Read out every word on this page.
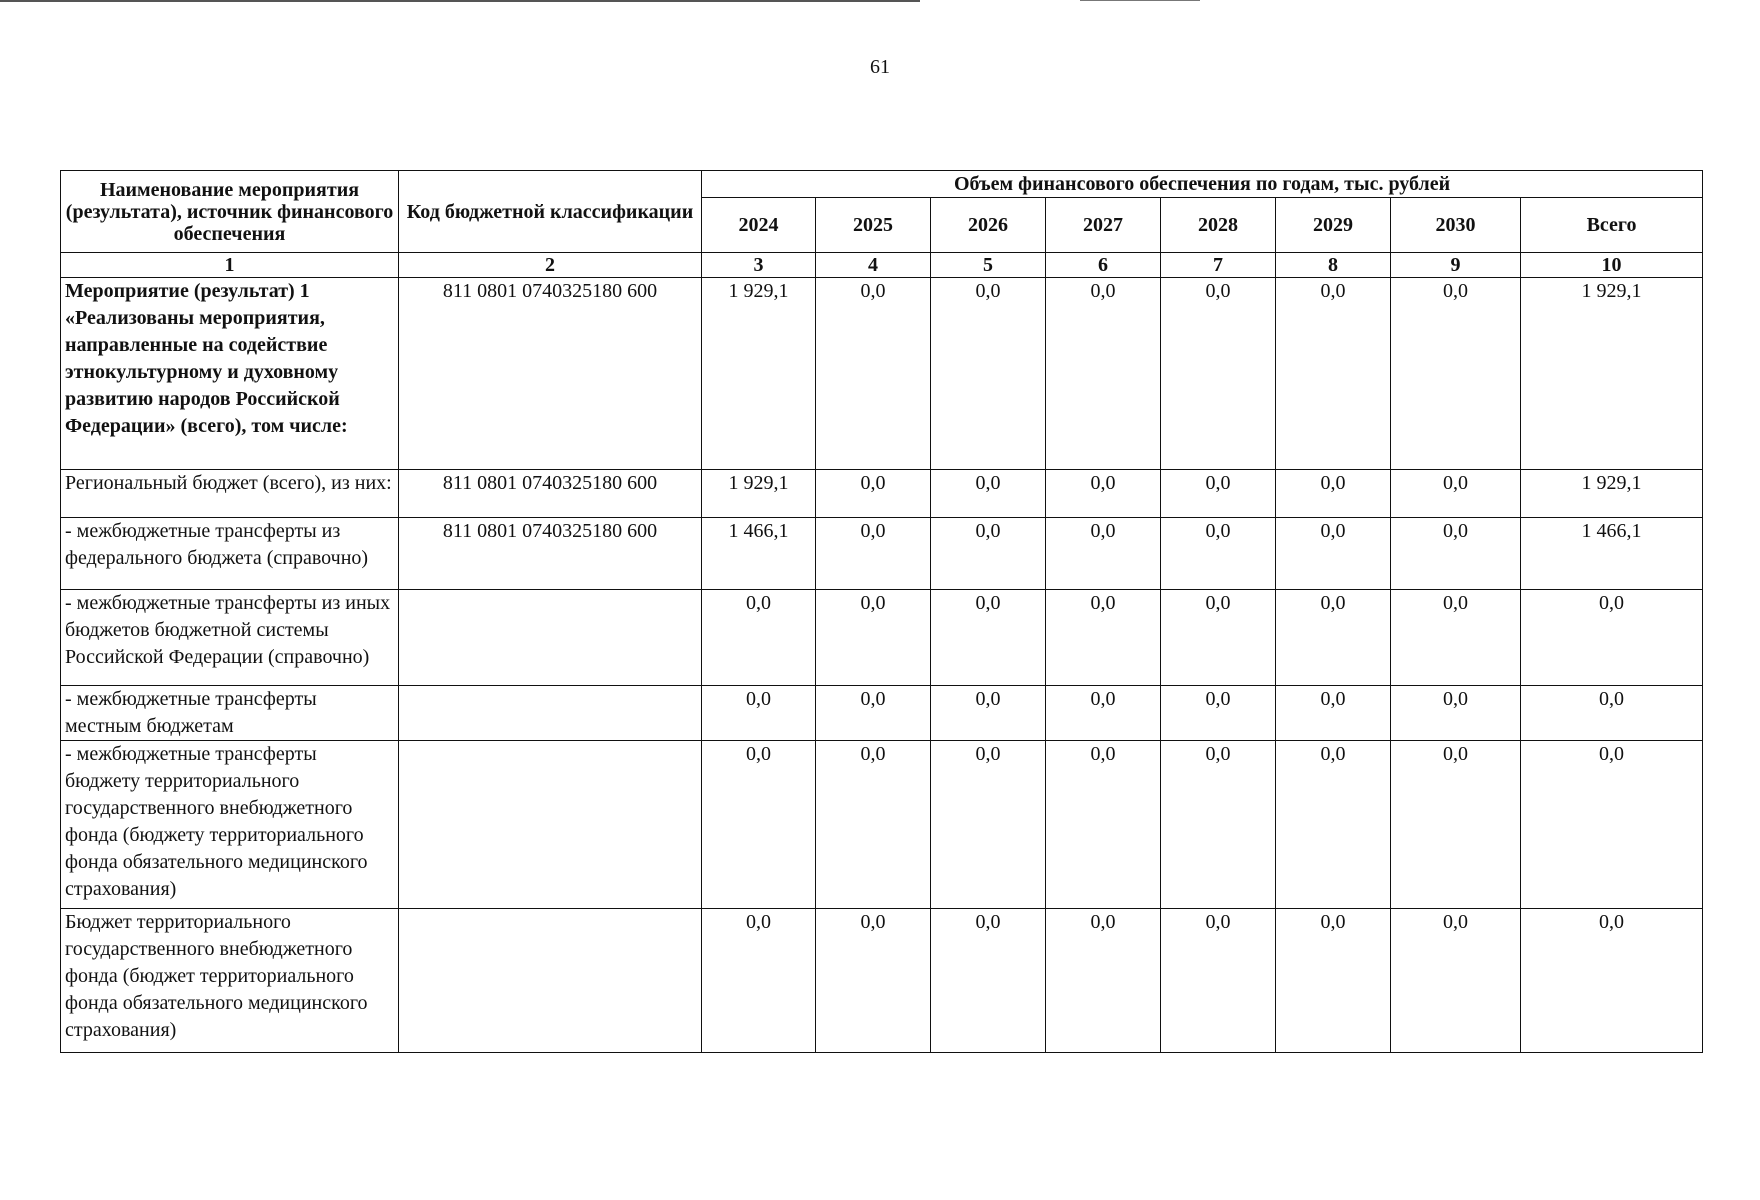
61
Наименование мероприятия (результата), источник финансового обеспечения	Код бюджетной классификации	Объем финансового обеспечения по годам, тыс. рублей							
		2024	2025	2026	2027	2028	2029	2030	Всего
1	2	3	4	5	6	7	8	9	10
Мероприятие (результат) 1 «Реализованы мероприятия, направленные на содействие этнокультурному и духовному развитию народов Российской Федерации» (всего), том числе:	811 0801 0740325180 600	1 929,1	0,0	0,0	0,0	0,0	0,0	0,0	1 929,1
Региональный бюджет (всего), из них:	811 0801 0740325180 600	1 929,1	0,0	0,0	0,0	0,0	0,0	0,0	1 929,1
- межбюджетные трансферты из федерального бюджета (справочно)	811 0801 0740325180 600	1 466,1	0,0	0,0	0,0	0,0	0,0	0,0	1 466,1
- межбюджетные трансферты из иных бюджетов бюджетной системы Российской Федерации (справочно)		0,0	0,0	0,0	0,0	0,0	0,0	0,0	0,0
- межбюджетные трансферты местным бюджетам		0,0	0,0	0,0	0,0	0,0	0,0	0,0	0,0
- межбюджетные трансферты бюджету территориального государственного внебюджетного фонда (бюджету территориального фонда обязательного медицинского страхования)		0,0	0,0	0,0	0,0	0,0	0,0	0,0	0,0
Бюджет территориального государственного внебюджетного фонда (бюджет территориального фонда обязательного медицинского страхования)		0,0	0,0	0,0	0,0	0,0	0,0	0,0	0,0
